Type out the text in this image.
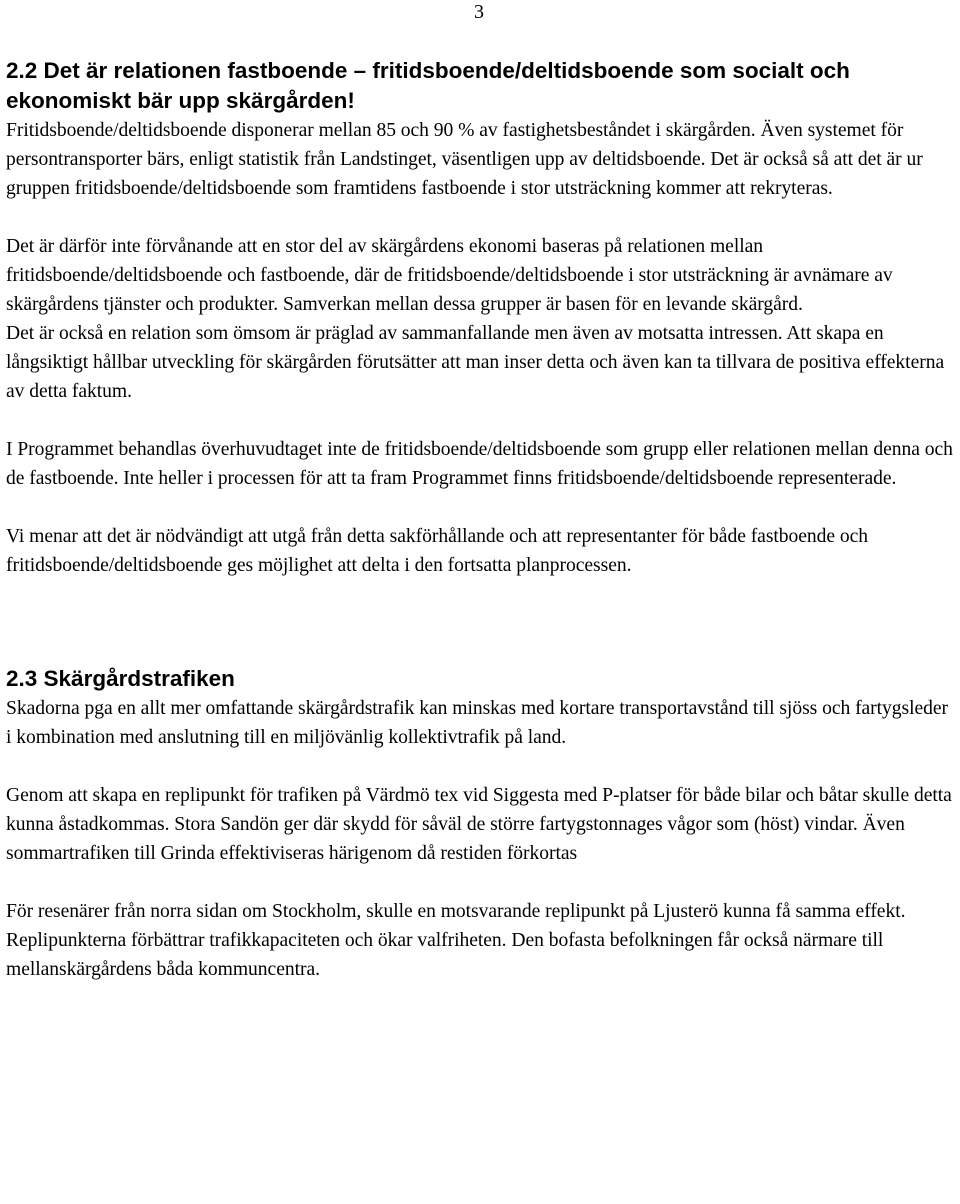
3
2.2 Det är relationen fastboende – fritidsboende/deltidsboende som socialt och ekonomiskt bär upp skärgården!

Fritidsboende/deltidsboende disponerar mellan 85 och 90 % av fastighetsbeståndet i skärgården. Även systemet för persontransporter bärs, enligt statistik från Landstinget, väsentligen upp av deltidsboende. Det är också så att det är ur gruppen fritidsboende/deltidsboende som framtidens fastboende i stor utsträckning kommer att rekryteras.

Det är därför inte förvånande att en stor del av skärgårdens ekonomi baseras på relationen mellan fritidsboende/deltidsboende och fastboende, där de fritidsboende/deltidsboende i stor utsträckning är avnämare av skärgårdens tjänster och produkter. Samverkan mellan dessa grupper är basen för en levande skärgård.

Det är också en relation som ömsom är präglad av sammanfallande men även av motsatta intressen. Att skapa en långsiktigt hållbar utveckling för skärgården förutsätter att man inser detta och även kan ta tillvara de positiva effekterna av detta faktum.

I Programmet behandlas överhuvudtaget inte de fritidsboende/deltidsboende som grupp eller relationen mellan denna och de fastboende. Inte heller i processen för att ta fram Programmet finns fritidsboende/deltidsboende representerade.

Vi menar att det är nödvändigt att utgå från detta sakförhållande och att representanter för både fastboende och fritidsboende/deltidsboende ges möjlighet att delta i den fortsatta planprocessen.

2.3 Skärgårdstrafiken

Skadorna pga en allt mer omfattande skärgårdstrafik kan minskas med kortare transportavstånd till sjöss och fartygsleder i kombination med anslutning till en miljövänlig kollektivtrafik på land.

Genom att skapa en replipunkt för trafiken på Värdmö tex vid Siggesta med P-platser för både bilar och båtar skulle detta kunna åstadkommas. Stora Sandön ger där skydd för såväl de större fartygstonnages vågor som (höst) vindar. Även sommartrafiken till Grinda effektiviseras härigenom då restiden förkortas

För resenärer från norra sidan om Stockholm, skulle en motsvarande replipunkt på Ljusterö kunna få samma effekt. Replipunkterna förbättrar trafikkapaciteten och ökar valfriheten. Den bofasta befolkningen får också närmare till mellanskärgårdens båda kommuncentra.
